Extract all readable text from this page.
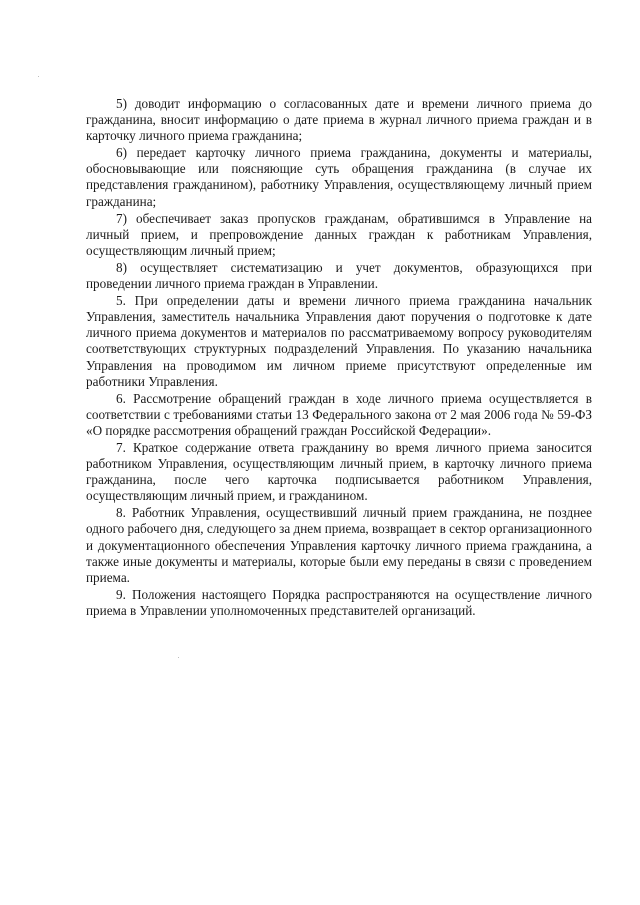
5) доводит информацию о согласованных дате и времени личного приема до гражданина, вносит информацию о дате приема в журнал личного приема граждан и в карточку личного приема гражданина;

6) передает карточку личного приема гражданина, документы и материалы, обосновывающие или поясняющие суть обращения гражданина (в случае их представления гражданином), работнику Управления, осуществляющему личный прием гражданина;

7) обеспечивает заказ пропусков гражданам, обратившимся в Управление на личный прием, и препровождение данных граждан к работникам Управления, осуществляющим личный прием;

8) осуществляет систематизацию и учет документов, образующихся при проведении личного приема граждан в Управлении.

5. При определении даты и времени личного приема гражданина начальник Управления, заместитель начальника Управления дают поручения о подготовке к дате личного приема документов и материалов по рассматриваемому вопросу руководителям соответствующих структурных подразделений Управления. По указанию начальника Управления на проводимом им личном приеме присутствуют определенные им работники Управления.

6. Рассмотрение обращений граждан в ходе личного приема осуществляется в соответствии с требованиями статьи 13 Федерального закона от 2 мая 2006 года № 59-ФЗ «О порядке рассмотрения обращений граждан Российской Федерации».

7. Краткое содержание ответа гражданину во время личного приема заносится работником Управления, осуществляющим личный прием, в карточку личного приема гражданина, после чего карточка подписывается работником Управления, осуществляющим личный прием, и гражданином.

8. Работник Управления, осуществивший личный прием гражданина, не позднее одного рабочего дня, следующего за днем приема, возвращает в сектор организационного и документационного обеспечения Управления карточку личного приема гражданина, а также иные документы и материалы, которые были ему переданы в связи с проведением приема.

9. Положения настоящего Порядка распространяются на осуществление личного приема в Управлении уполномоченных представителей организаций.
